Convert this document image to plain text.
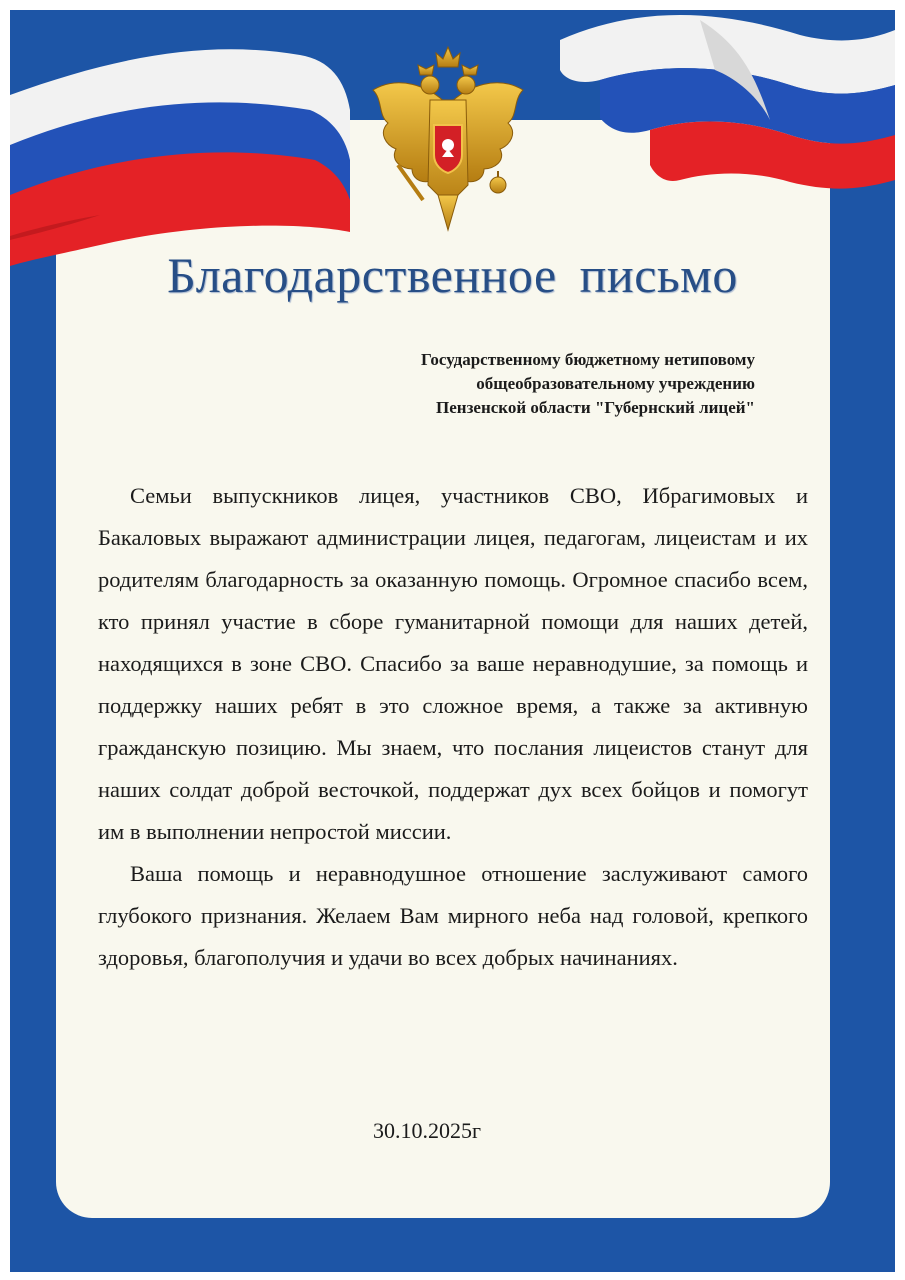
Благодарственное письмо
Государственному бюджетному нетиповому
общеобразовательному учреждению
Пензенской области "Губернский лицей"

Семьи выпускников лицея, участников СВО, Ибрагимовых и Бакаловых выражают администрации лицея, педагогам, лицеистам и их родителям благодарность за оказанную помощь. Огромное спасибо всем, кто принял участие в сборе гуманитарной помощи для наших детей, находящихся в зоне СВО. Спасибо за ваше неравнодушие, за помощь и поддержку наших ребят в это сложное время, а также за активную гражданскую позицию. Мы знаем, что послания лицеистов станут для наших солдат доброй весточкой, поддержат дух всех бойцов и помогут им в выполнении непростой миссии.

Ваша помощь и неравнодушное отношение заслуживают самого глубокого признания. Желаем Вам мирного неба над головой, крепкого здоровья, благополучия и удачи во всех добрых начинаниях.

30.10.2025г
